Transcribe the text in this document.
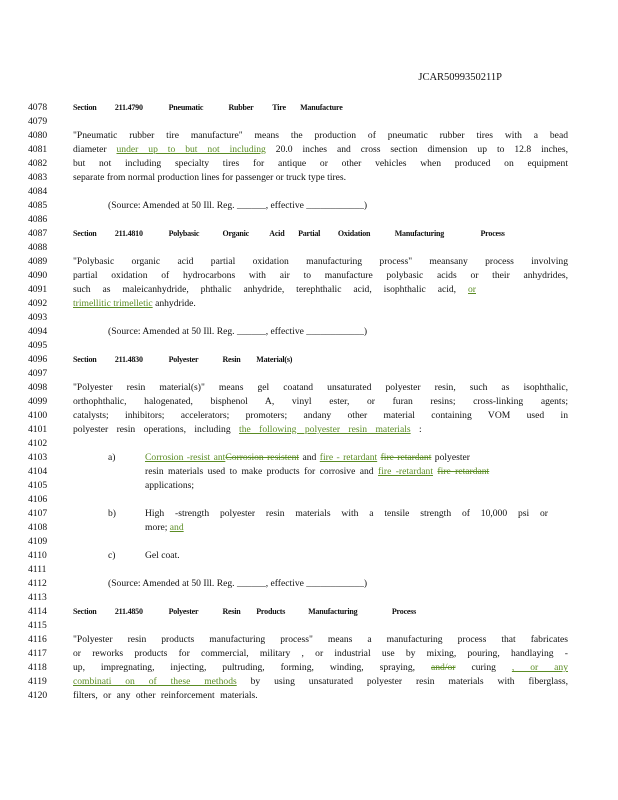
JCAR5099350211P
4078
4079
4080
4081
4082
4083
4084
4085
4086
4087
4088
4089
4090
4091
4092
4093
4094
4095
4096
4097
4098
4099
4100
4101
4102
4103
4104
4105
4106
4107
4108
4109
4110
4111
4112
4113
4114
4115
4116
4117
4118
4119
4120
Section 211.4790	Pneumatic	Rubber Tire Manufacture
"Pneumatic rubber tire manufacture" means the production of pneumatic rubber tires with a bead
diameter under up to but not including 20.0 inches and cross section dimension up to 12.8 inches,
but not including specialty tires for antique or other vehicles when produced on equipment
separate from normal production lines for passenger or truck type tires.
(Source: Amended at 50 Ill. Reg. ______, effective ____________)
Section 211.4810	Polybasic	Organic	Acid Partial Oxidation	Manufacturing	Process
"Polybasic organic acid partial oxidation manufacturing process" meansany process involving
partial oxidation of hydrocarbons with air to manufacture polybasic acids or their anhydrides,
such as maleicanhydride, phthalic anhydride, terephthalic acid, isophthalic acid, or
trimellitic trimelletic anhydride.
(Source: Amended at 50 Ill. Reg. ______, effective ____________)
Section 211.4830	Polyester	Resin Material(s)
"Polyester resin material(s)" means gel coatand unsaturated polyester resin, such as isophthalic,
orthophthalic, halogenated, bisphenol A, vinyl ester, or furan resins; cross-linking agents;
catalysts; inhibitors; accelerators; promoters; andany other material containing VOM used in
polyester resin operations, including the following polyester resin materials :
a)	Corrosion -resist antCorrosion resistent and fire - retardant fire retardant polyester
resin materials used to make products for corrosive and fire -retardant fire retardant
applications;
b)	High -strength polyester resin materials with a tensile strength of 10,000 psi or
more; and
c)	Gel coat.
(Source: Amended at 50 Ill. Reg. ______, effective ____________)
Section 211.4850	Polyester	Resin Products	Manufacturing	Process
"Polyester resin products manufacturing process" means a manufacturing process that fabricates
or reworks products for commercial, military , or industrial use by mixing, pouring, handlaying -
up, impregnating, injecting, pultruding, forming, winding, spraying, and/or curing , or any
combinati on of these methods by using unsaturated polyester resin materials with fiberglass,
filters, or any other reinforcement materials.
